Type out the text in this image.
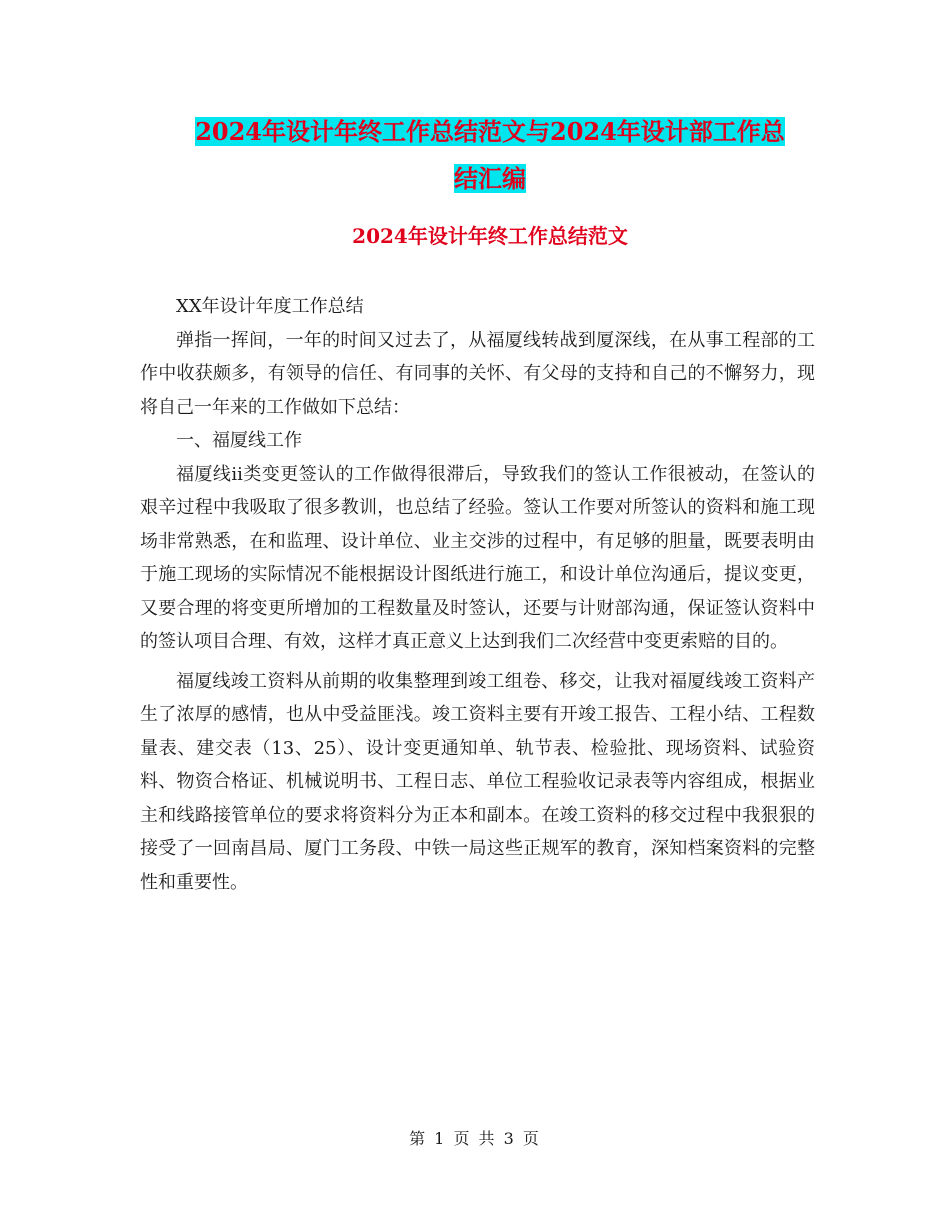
2024年设计年终工作总结范文与2024年设计部工作总
结汇编
2024年设计年终工作总结范文

XX年设计年度工作总结

弹指一挥间，一年的时间又过去了，从福厦线转战到厦深线，在从事工程部的工作中收获颇多，有领导的信任、有同事的关怀、有父母的支持和自己的不懈努力，现将自己一年来的工作做如下总结：

一、福厦线工作

福厦线ii类变更签认的工作做得很滞后，导致我们的签认工作很被动，在签认的艰辛过程中我吸取了很多教训，也总结了经验。签认工作要对所签认的资料和施工现场非常熟悉，在和监理、设计单位、业主交涉的过程中，有足够的胆量，既要表明由于施工现场的实际情况不能根据设计图纸进行施工，和设计单位沟通后，提议变更，又要合理的将变更所增加的工程数量及时签认，还要与计财部沟通，保证签认资料中的签认项目合理、有效，这样才真正意义上达到我们二次经营中变更索赔的目的。

福厦线竣工资料从前期的收集整理到竣工组卷、移交，让我对福厦线竣工资料产生了浓厚的感情，也从中受益匪浅。竣工资料主要有开竣工报告、工程小结、工程数量表、建交表（13、25）、设计变更通知单、轨节表、检验批、现场资料、试验资料、物资合格证、机械说明书、工程日志、单位工程验收记录表等内容组成，根据业主和线路接管单位的要求将资料分为正本和副本。在竣工资料的移交过程中我狠狠的接受了一回南昌局、厦门工务段、中铁一局这些正规军的教育，深知档案资料的完整性和重要性。

第 1 页 共 3 页
